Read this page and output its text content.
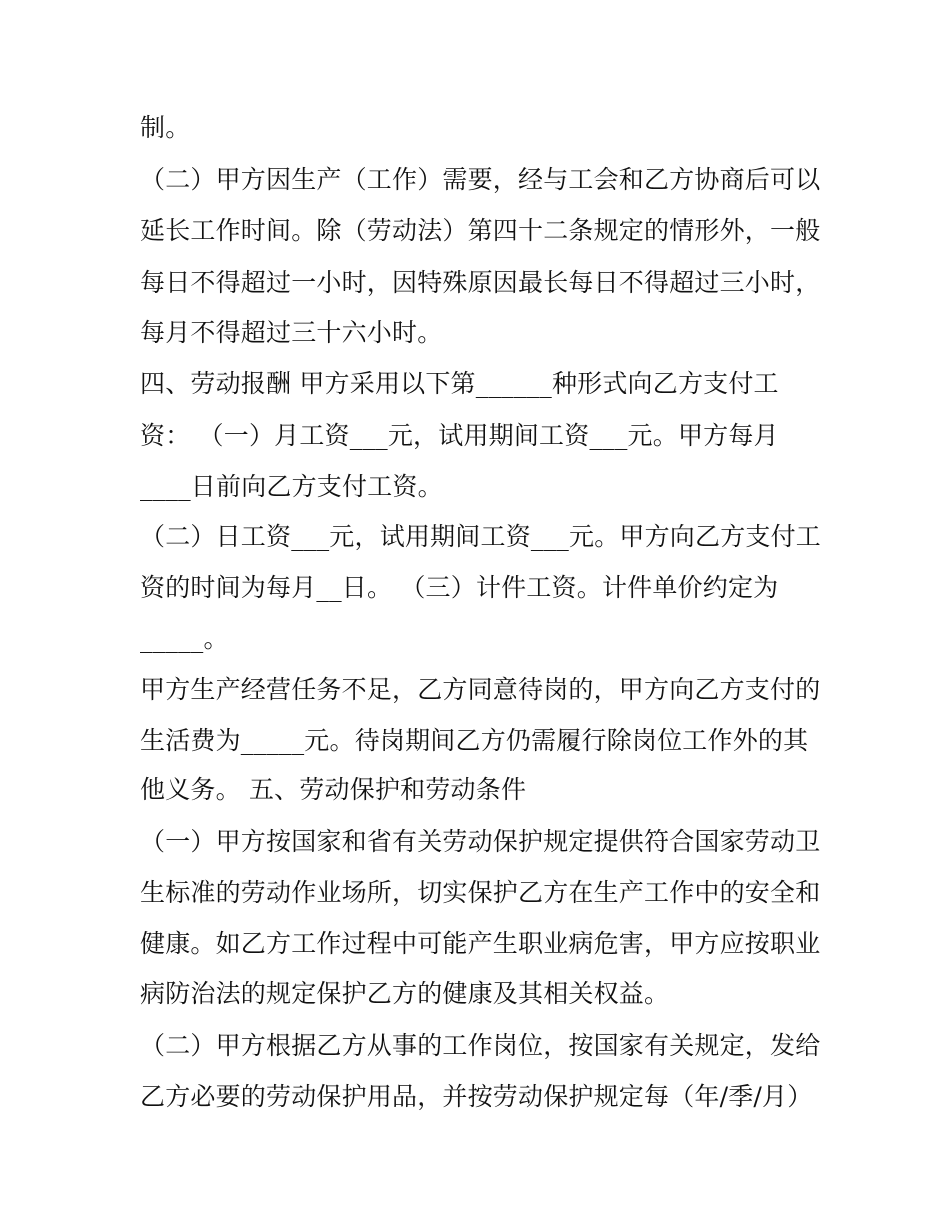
制。
（二）甲方因生产（工作）需要，经与工会和乙方协商后可以
延长工作时间。除（劳动法）第四十二条规定的情形外，一般
每日不得超过一小时，因特殊原因最长每日不得超过三小时，
每月不得超过三十六小时。
四、劳动报酬 甲方采用以下第______种形式向乙方支付工
资： （一）月工资___元，试用期间工资___元。甲方每月
____日前向乙方支付工资。
（二）日工资___元，试用期间工资___元。甲方向乙方支付工
资的时间为每月__日。 （三）计件工资。计件单价约定为
_____。
甲方生产经营任务不足，乙方同意待岗的，甲方向乙方支付的
生活费为_____元。待岗期间乙方仍需履行除岗位工作外的其
他义务。 五、劳动保护和劳动条件
（一）甲方按国家和省有关劳动保护规定提供符合国家劳动卫
生标准的劳动作业场所，切实保护乙方在生产工作中的安全和
健康。如乙方工作过程中可能产生职业病危害，甲方应按职业
病防治法的规定保护乙方的健康及其相关权益。
（二）甲方根据乙方从事的工作岗位，按国家有关规定，发给
乙方必要的劳动保护用品，并按劳动保护规定每（年/季/月）
